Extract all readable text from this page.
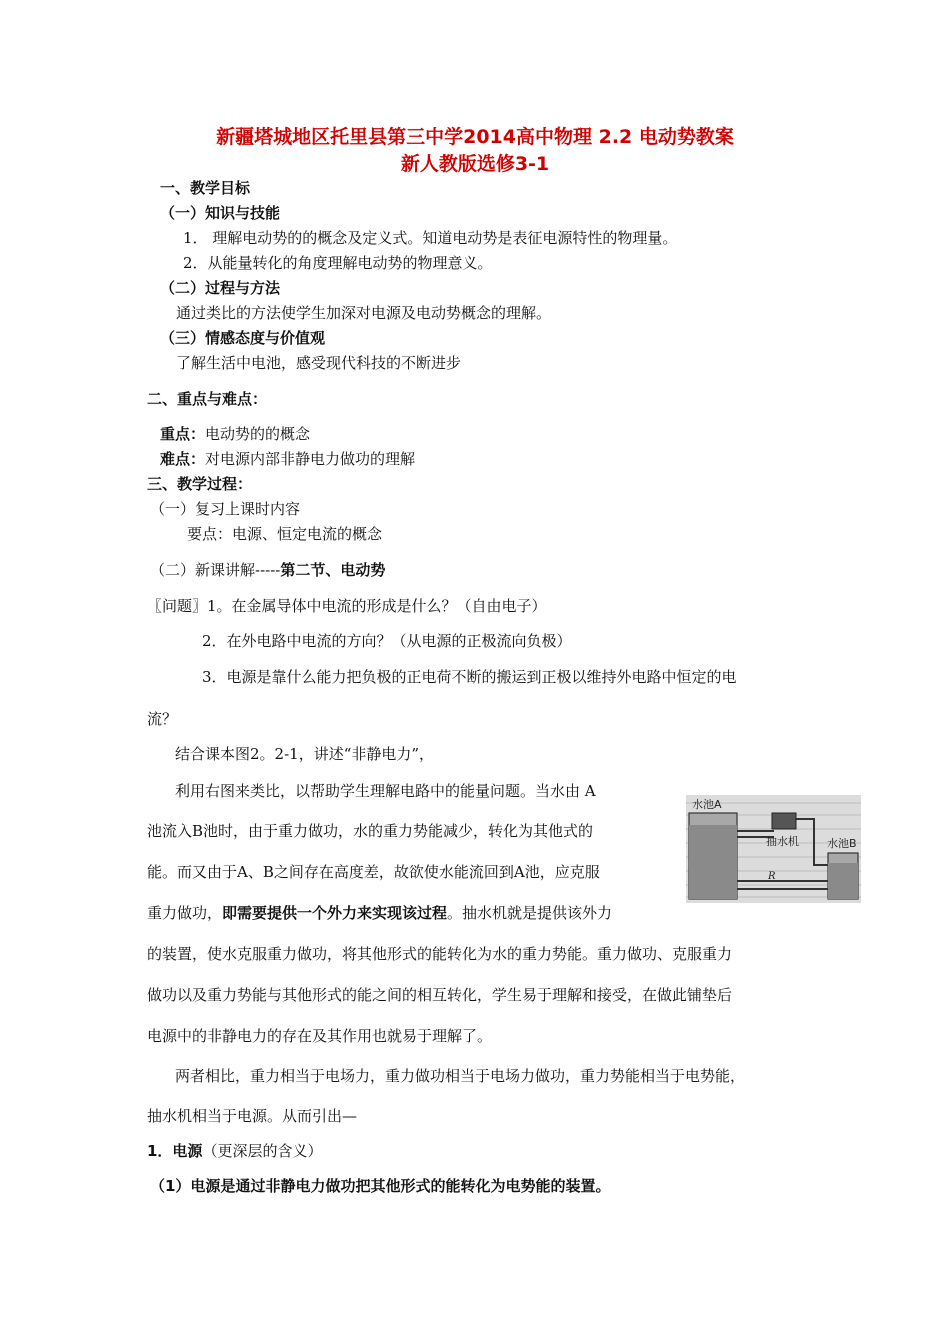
新疆塔城地区托里县第三中学2014高中物理 2.2 电动势教案
新人教版选修3-1
一、教学目标
（一）知识与技能
1． 理解电动势的的概念及定义式。知道电动势是表征电源特性的物理量。
2．从能量转化的角度理解电动势的物理意义。
（二）过程与方法
通过类比的方法使学生加深对电源及电动势概念的理解。
（三）情感态度与价值观
了解生活中电池，感受现代科技的不断进步
二、重点与难点：
重点：电动势的的概念
难点：对电源内部非静电力做功的理解
三、教学过程：
（一）复习上课时内容
要点：电源、恒定电流的概念
（二）新课讲解-----第二节、电动势
〖问题〗1。在金属导体中电流的形成是什么？（自由电子）
2．在外电路中电流的方向？（从电源的正极流向负极）
3．电源是靠什么能力把负极的正电荷不断的搬运到正极以维持外电路中恒定的电
流？
结合课本图2。2-1，讲述“非静电力”，
利用右图来类比，以帮助学生理解电路中的能量问题。当水由 A
池流入B池时，由于重力做功，水的重力势能减少，转化为其他式的
能。而又由于A、B之间存在高度差，故欲使水能流回到A池，应克服
重力做功，即需要提供一个外力来实现该过程。抽水机就是提供该外力
的装置，使水克服重力做功，将其他形式的能转化为水的重力势能。重力做功、克服重力
做功以及重力势能与其他形式的能之间的相互转化，学生易于理解和接受，在做此铺垫后
电源中的非静电力的存在及其作用也就易于理解了。
两者相比，重力相当于电场力，重力做功相当于电场力做功，重力势能相当于电势能，
抽水机相当于电源。从而引出—
1．电源（更深层的含义）
（1）电源是通过非静电力做功把其他形式的能转化为电势能的装置。
水池A
水池B
抽水机
R
